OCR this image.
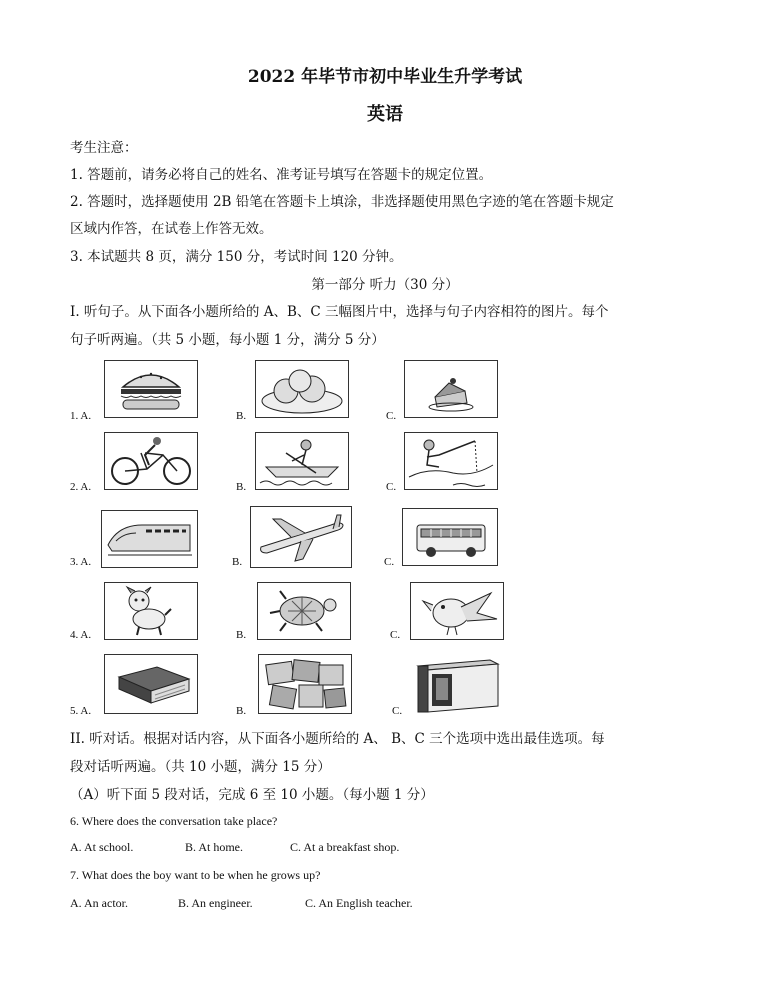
2022 年毕节市初中毕业生升学考试
英语
考生注意：
1. 答题前，请务必将自己的姓名、准考证号填写在答题卡的规定位置。
2. 答题时，选择题使用 2B 铅笔在答题卡上填涂，非选择题使用黑色字迹的笔在答题卡规定
区域内作答，在试卷上作答无效。
3. 本试题共 8 页，满分 150 分，考试时间 120 分钟。
第一部分 听力（30 分）
I. 听句子。从下面各小题所给的 A、B、C 三幅图片中，选择与句子内容相符的图片。每个
句子听两遍。（共 5 小题，每小题 1 分，满分 5 分）
1. A.	B.	C.
2. A.	B.	C.
3. A.	B.	C.
4. A.	B.	C.
5. A.	B.	C.
II. 听对话。根据对话内容，从下面各小题所给的 A、 B、C 三个选项中选出最佳选项。每
段对话听两遍。（共 10 小题，满分 15 分）
（A）听下面 5 段对话，完成 6 至 10 小题。（每小题 1 分）
6. Where does the conversation take place?
A. At school.	B. At home.	C. At a breakfast shop.
7. What does the boy want to be when he grows up?
A. An actor.	B. An engineer.	C. An English teacher.
